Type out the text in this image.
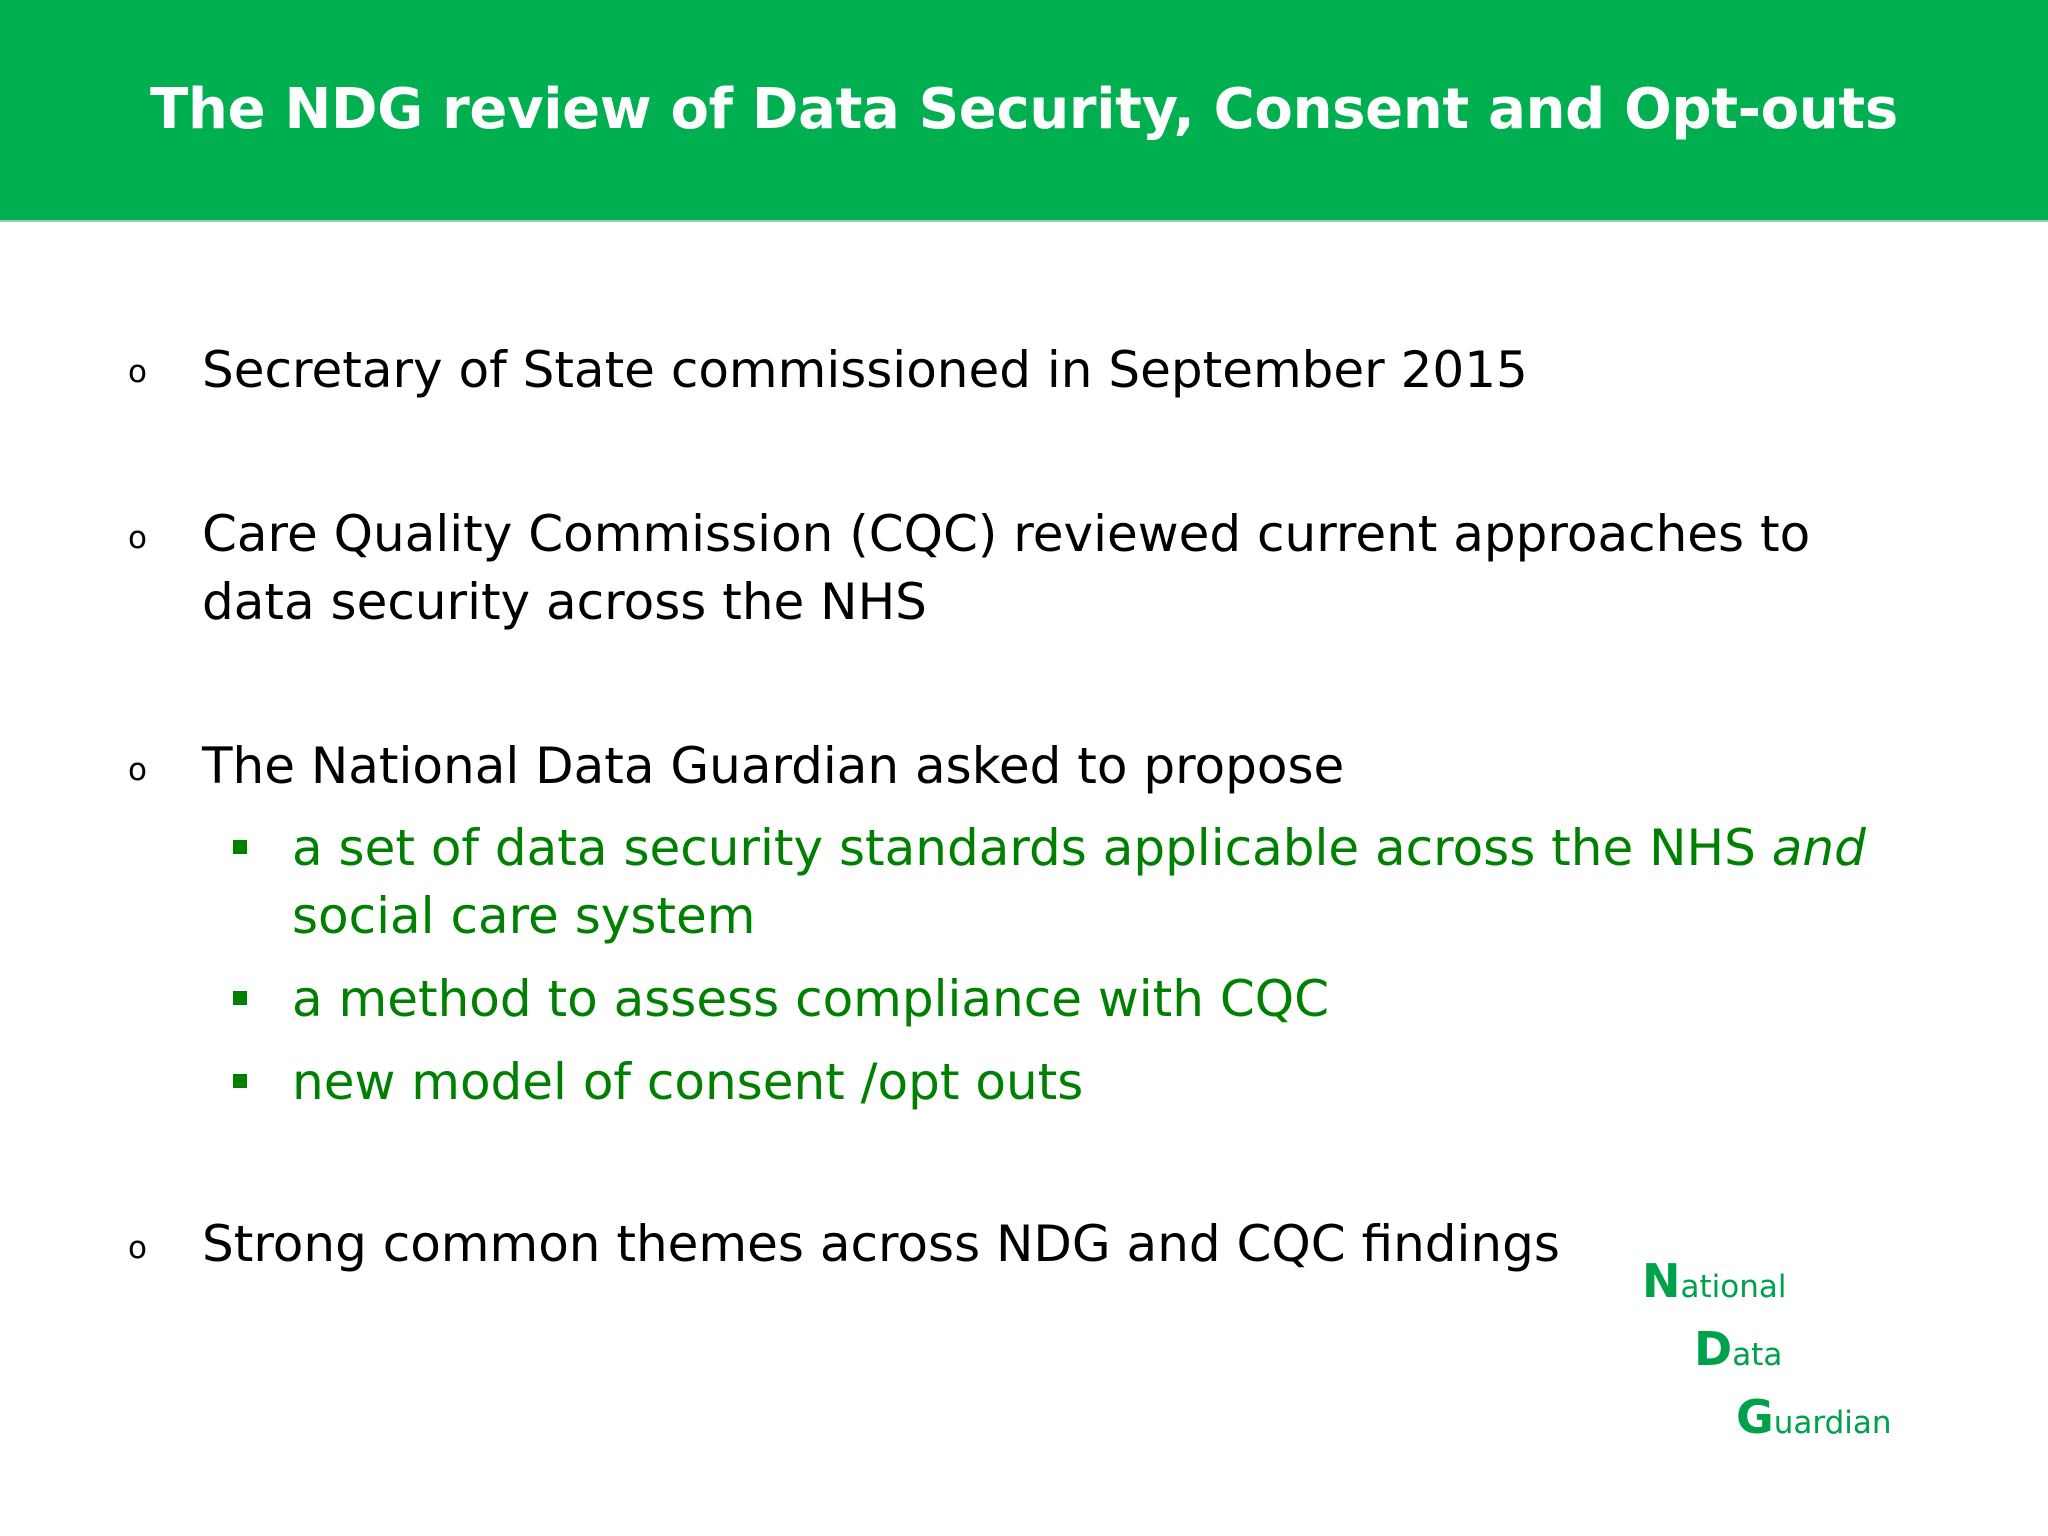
The NDG review of Data Security, Consent and Opt-outs
o	Secretary of State commissioned in September 2015
o	Care Quality Commission (CQC) reviewed current approaches to
data security across the NHS
o	The National Data Guardian asked to propose
a set of data security standards applicable across the NHS and
social care system
a method to assess compliance with CQC
new model of consent /opt outs
o	Strong common themes across NDG and CQC findings
National
Data
Guardian
